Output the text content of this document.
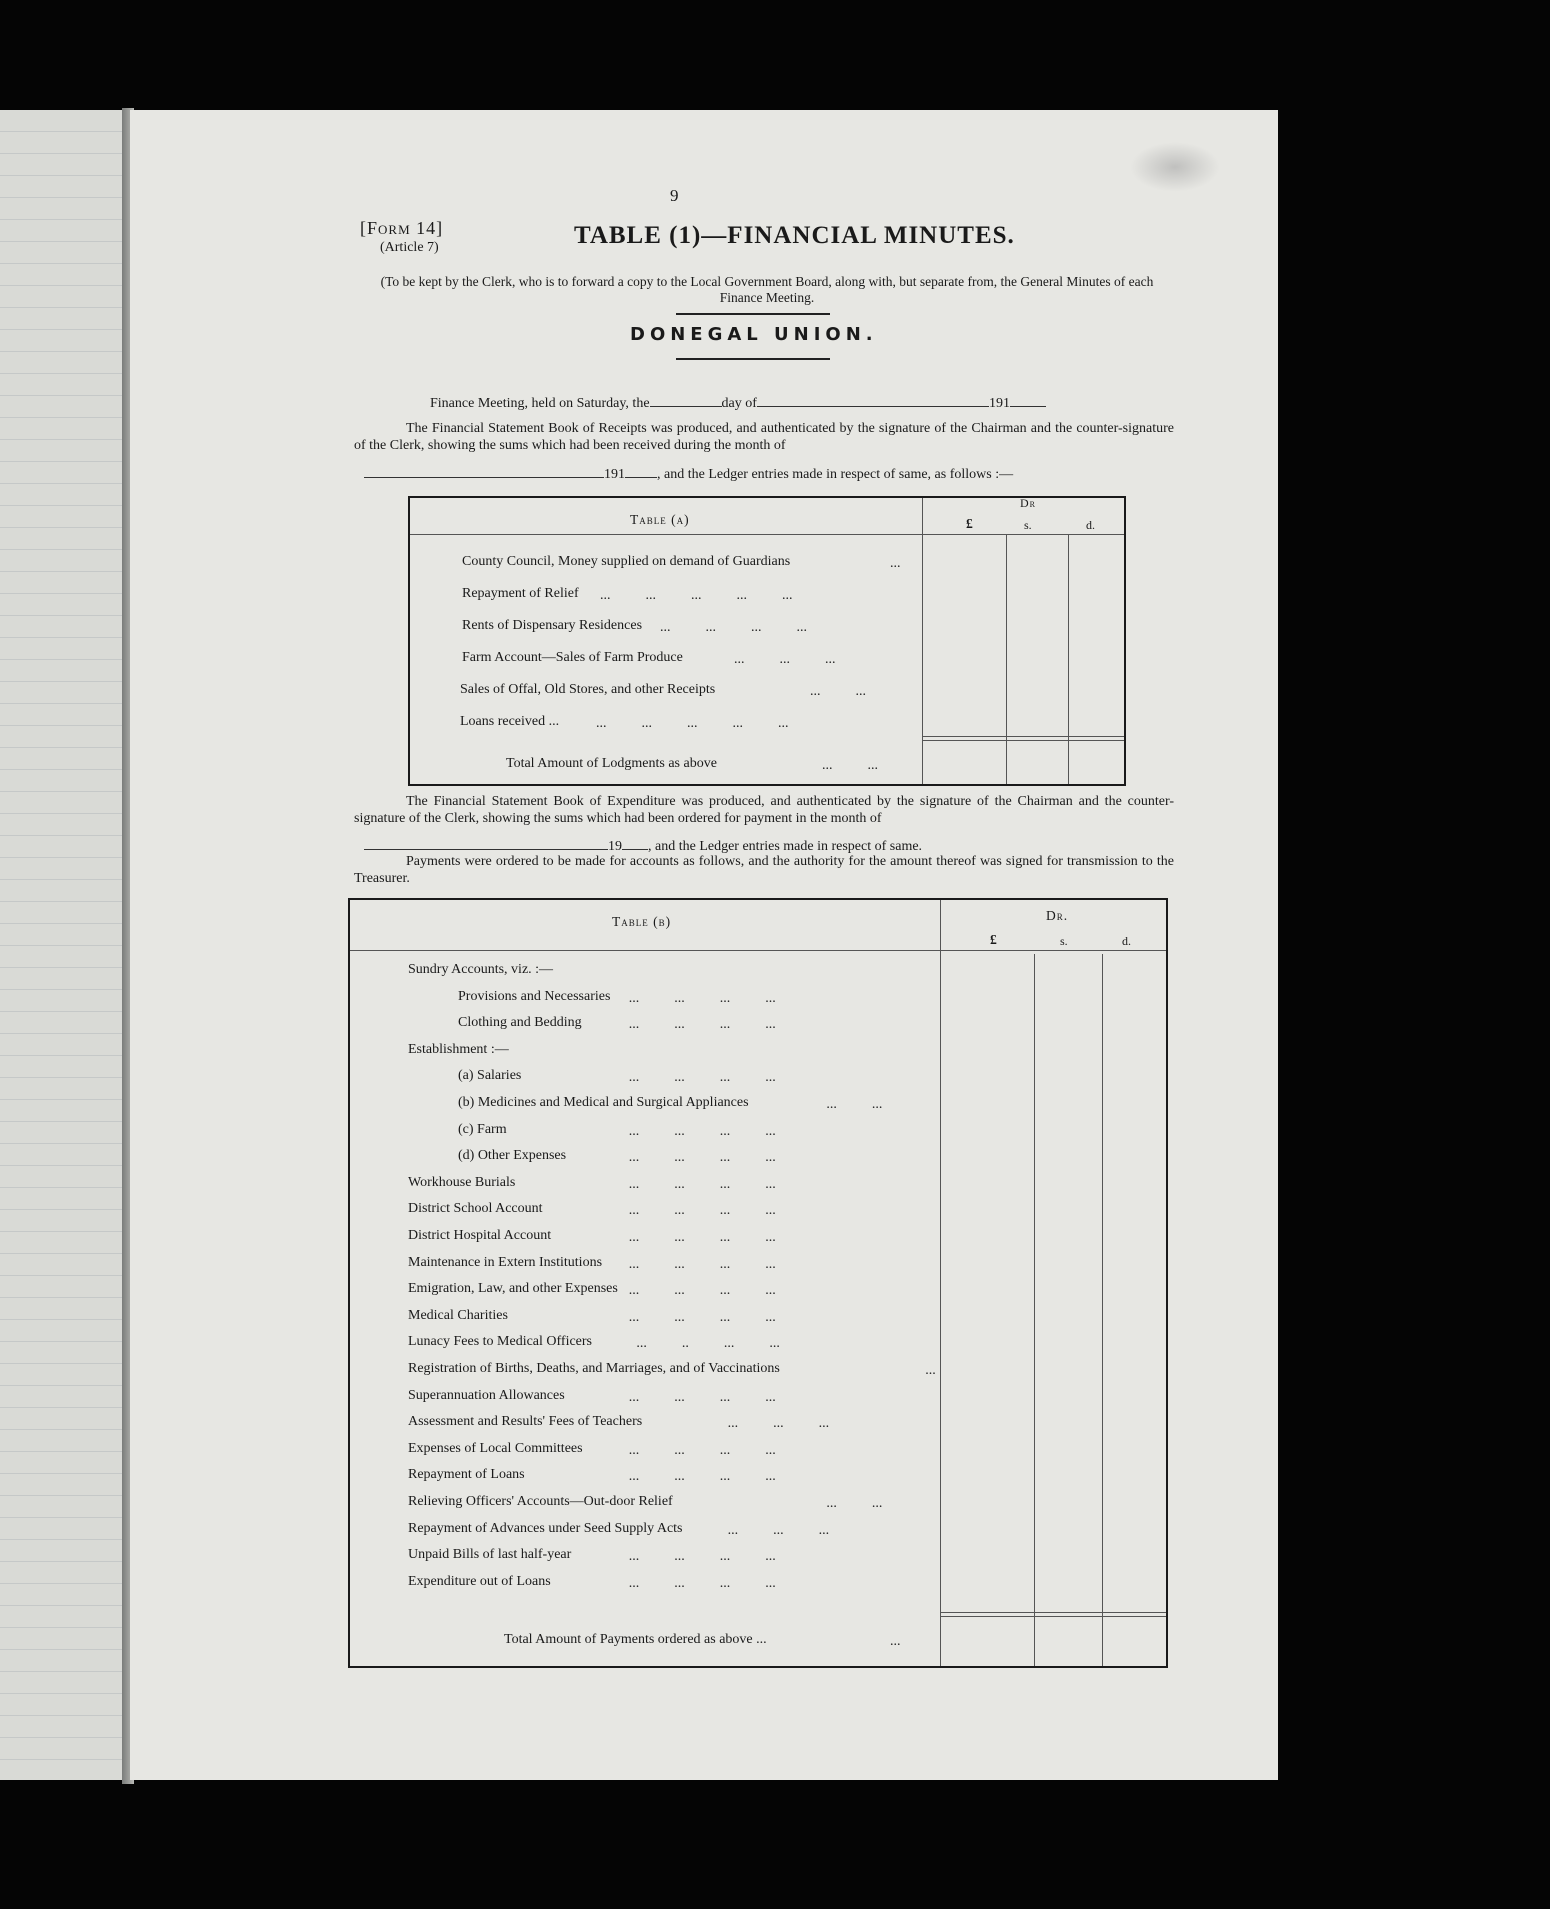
9
[Form 14]
(Article 7)	TABLE (1)—FINANCIAL MINUTES.
(To be kept by the Clerk, who is to forward a copy to the Local Government Board, along with, but separate from, the General Minutes of each Finance Meeting.
DONEGAL UNION.
Finance Meeting, held on Saturday, the	day of	191
The Financial Statement Book of Receipts was produced, and authenticated by the signature of the Chairman and the counter-signature of the Clerk, showing the sums which had been received during the month of
191 , and the Ledger entries made in respect of same, as follows :—
Table (a)
Dr
£	s.	d.
County Council, Money supplied on demand of Guardians	...
Repayment of Relief ...          ...          ...          ...          ...
Rents of Dispensary Residences ...          ...          ...          ...
Farm Account—Sales of Farm Produce	...          ...          ...
Sales of Offal, Old Stores, and other Receipts	...          ...
Loans received ...	...          ...          ...          ...          ...
Total Amount of Lodgments as above	...          ...
The Financial Statement Book of Expenditure was produced, and authenticated by the signature of the Chairman and the counter-signature of the Clerk, showing the sums which had been ordered for payment in the month of
19 , and the Ledger entries made in respect of same.
Payments were ordered to be made for accounts as follows, and the authority for the amount thereof was signed for transmission to the Treasurer.
Table (b)	Dr.
£	s.	d.
Sundry Accounts, viz. :—
Provisions and Necessaries ...          ...          ...          ...
Clothing and Bedding	...          ...          ...          ...
Establishment :—
(a) Salaries	...          ...          ...          ...
(b) Medicines and Medical and Surgical Appliances	...          ...
(c) Farm	...          ...          ...          ...
(d) Other Expenses	...          ...          ...          ...
Workhouse Burials	...          ...          ...          ...
District School Account	...          ...          ...          ...
District Hospital Account	...          ...          ...          ...
Maintenance in Extern Institutions ...          ...          ...          ...
Emigration, Law, and other Expenses ...          ...          ...          ...
Medical Charities	...          ...          ...          ...
Lunacy Fees to Medical Officers	...          ..          ...          ...
Registration of Births, Deaths, and Marriages, and of Vaccinations	...
Superannuation Allowances	...          ...          ...          ...
Assessment and Results' Fees of Teachers	...          ...          ...
Expenses of Local Committees	...          ...          ...          ...
Repayment of Loans	...          ...          ...          ...
Relieving Officers' Accounts—Out-door Relief	...          ...
Repayment of Advances under Seed Supply Acts	...          ...          ...
Unpaid Bills of last half-year	...          ...          ...          ...
Expenditure out of Loans	...          ...          ...          ...
Total Amount of Payments ordered as above ...	...
